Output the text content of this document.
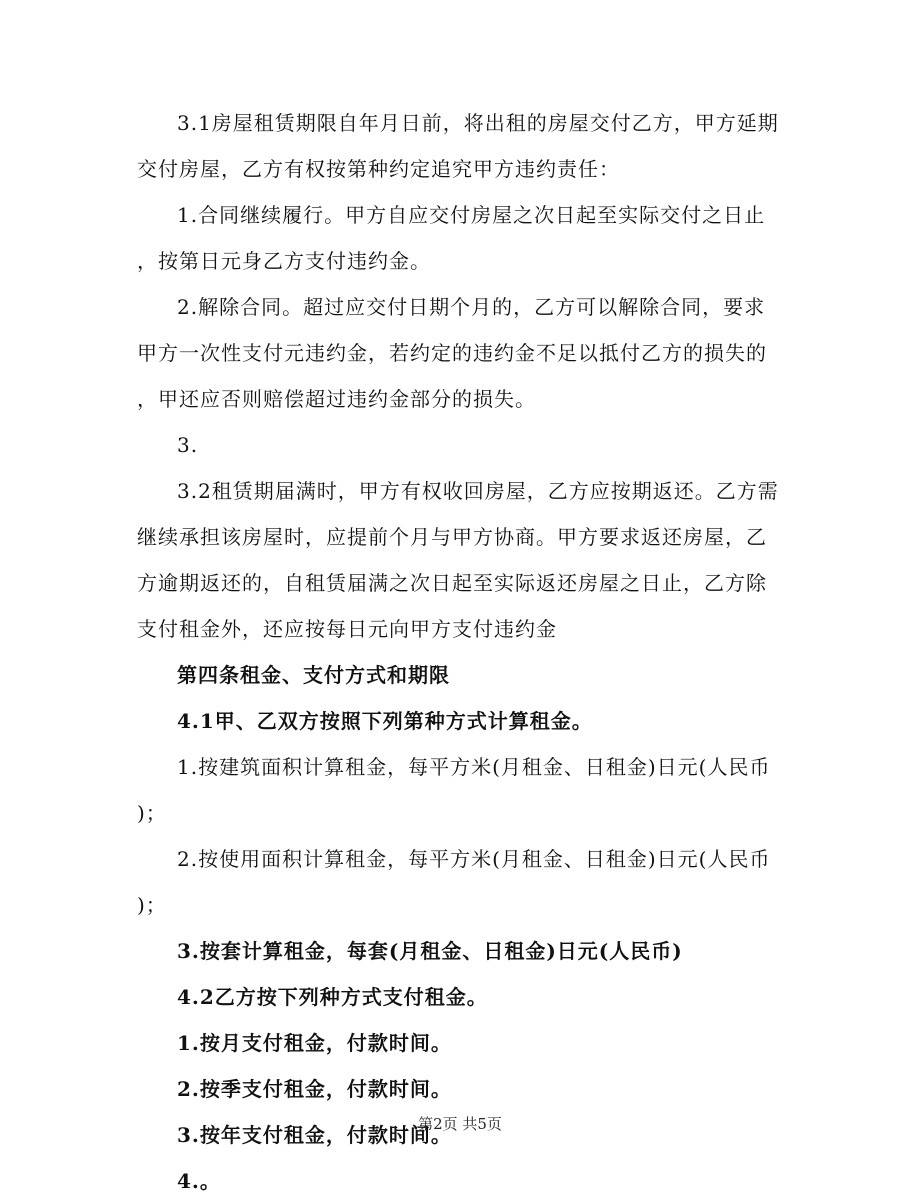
3.1房屋租赁期限自年月日前，将出租的房屋交付乙方，甲方延期

交付房屋，乙方有权按第种约定追究甲方违约责任：

1.合同继续履行。甲方自应交付房屋之次日起至实际交付之日止

，按第日元身乙方支付违约金。

2.解除合同。超过应交付日期个月的，乙方可以解除合同，要求

甲方一次性支付元违约金，若约定的违约金不足以抵付乙方的损失的

，甲还应否则赔偿超过违约金部分的损失。

3.

3.2租赁期届满时，甲方有权收回房屋，乙方应按期返还。乙方需

继续承担该房屋时，应提前个月与甲方协商。甲方要求返还房屋，乙

方逾期返还的，自租赁届满之次日起至实际返还房屋之日止，乙方除

支付租金外，还应按每日元向甲方支付违约金

第四条租金、支付方式和期限

4.1甲、乙双方按照下列第种方式计算租金。

1.按建筑面积计算租金，每平方米(月租金、日租金)日元(人民币

)；

2.按使用面积计算租金，每平方米(月租金、日租金)日元(人民币

)；

3.按套计算租金，每套(月租金、日租金)日元(人民币)

4.2乙方按下列种方式支付租金。

1.按月支付租金，付款时间。

2.按季支付租金，付款时间。

3.按年支付租金，付款时间。

4.。

第2页 共5页
